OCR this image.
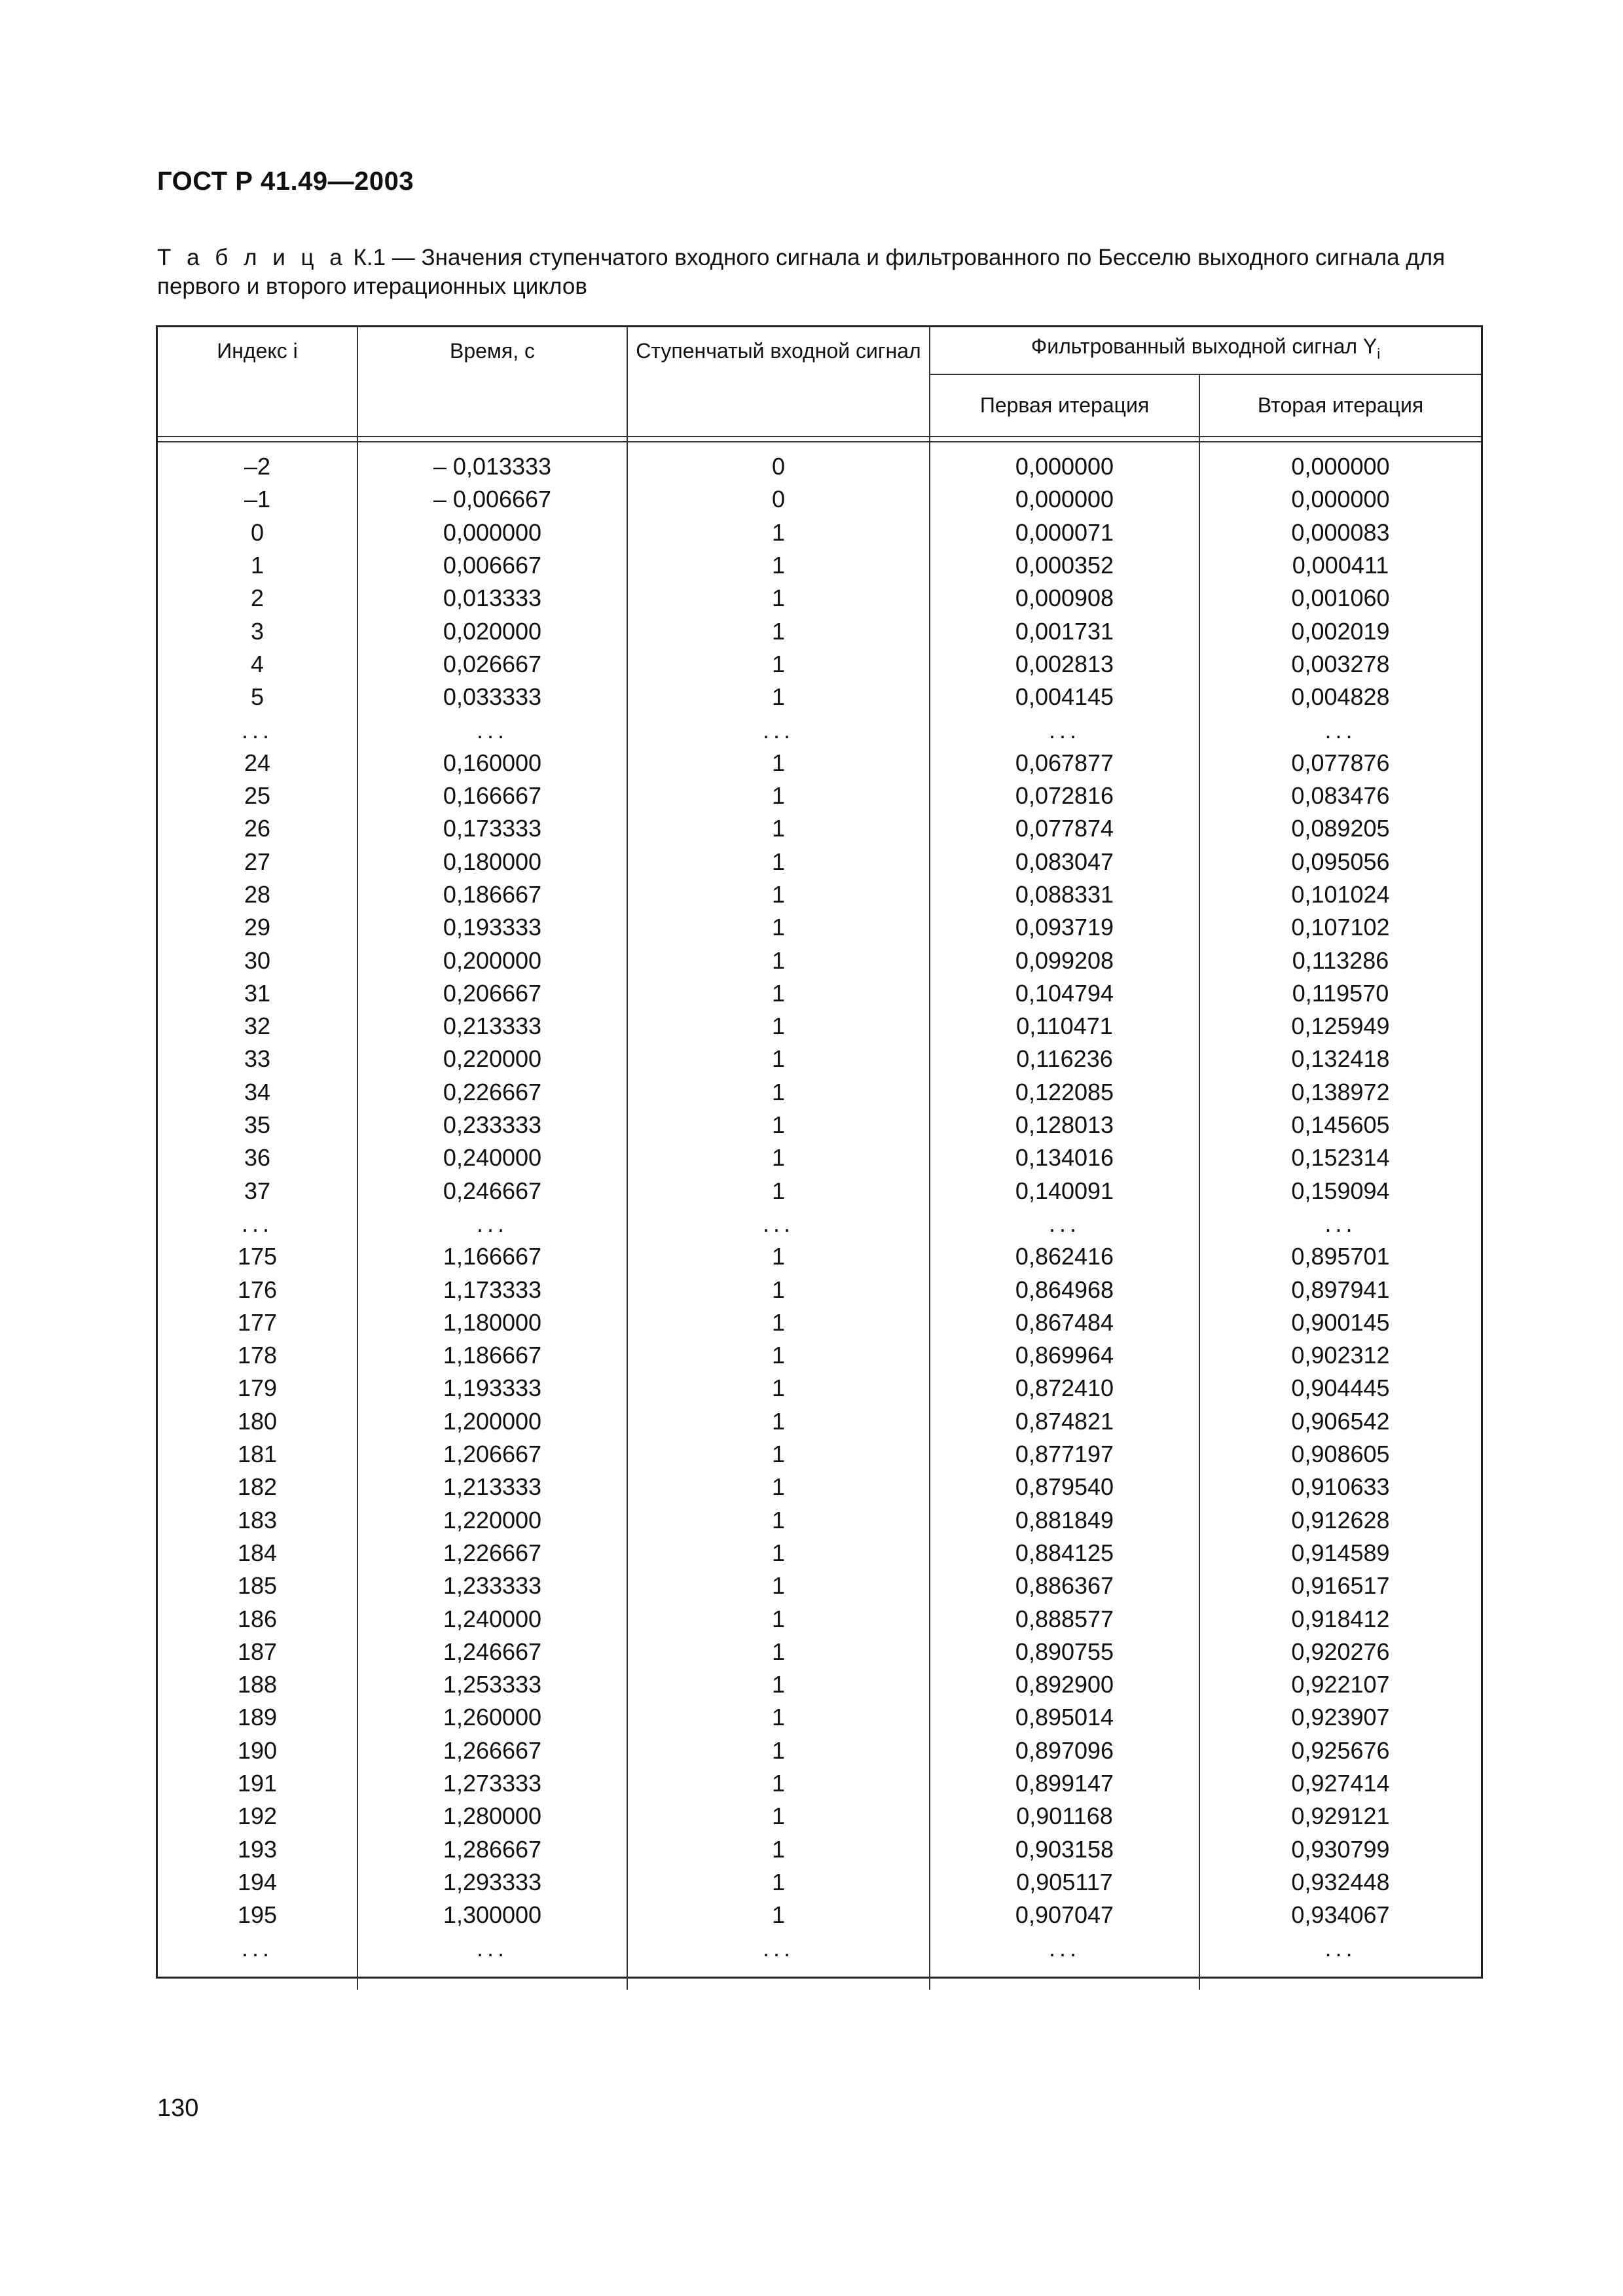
ГОСТ Р 41.49—2003
Т а б л и ц а К.1 — Значения ступенчатого входного сигнала и фильтрованного по Бесселю выходного сигнала для первого и второго итерационных циклов
Индекс i	Время, с	Ступенчатый входной сигнал	Фильтрованный выходной сигнал $Y_i$
			Первая итерация	Вторая итерация

–2	– 0,013333	0	0,000000	0,000000
–1	– 0,006667	0	0,000000	0,000000
0	0,000000	1	0,000071	0,000083
1	0,006667	1	0,000352	0,000411
2	0,013333	1	0,000908	0,001060
3	0,020000	1	0,001731	0,002019
4	0,026667	1	0,002813	0,003278
5	0,033333	1	0,004145	0,004828
...	...	...	...	...
24	0,160000	1	0,067877	0,077876
25	0,166667	1	0,072816	0,083476
26	0,173333	1	0,077874	0,089205
27	0,180000	1	0,083047	0,095056
28	0,186667	1	0,088331	0,101024
29	0,193333	1	0,093719	0,107102
30	0,200000	1	0,099208	0,113286
31	0,206667	1	0,104794	0,119570
32	0,213333	1	0,110471	0,125949
33	0,220000	1	0,116236	0,132418
34	0,226667	1	0,122085	0,138972
35	0,233333	1	0,128013	0,145605
36	0,240000	1	0,134016	0,152314
37	0,246667	1	0,140091	0,159094
...	...	...	...	...
175	1,166667	1	0,862416	0,895701
176	1,173333	1	0,864968	0,897941
177	1,180000	1	0,867484	0,900145
178	1,186667	1	0,869964	0,902312
179	1,193333	1	0,872410	0,904445
180	1,200000	1	0,874821	0,906542
181	1,206667	1	0,877197	0,908605
182	1,213333	1	0,879540	0,910633
183	1,220000	1	0,881849	0,912628
184	1,226667	1	0,884125	0,914589
185	1,233333	1	0,886367	0,916517
186	1,240000	1	0,888577	0,918412
187	1,246667	1	0,890755	0,920276
188	1,253333	1	0,892900	0,922107
189	1,260000	1	0,895014	0,923907
190	1,266667	1	0,897096	0,925676
191	1,273333	1	0,899147	0,927414
192	1,280000	1	0,901168	0,929121
193	1,286667	1	0,903158	0,930799
194	1,293333	1	0,905117	0,932448
195	1,300000	1	0,907047	0,934067
...	...	...	...	...

130
